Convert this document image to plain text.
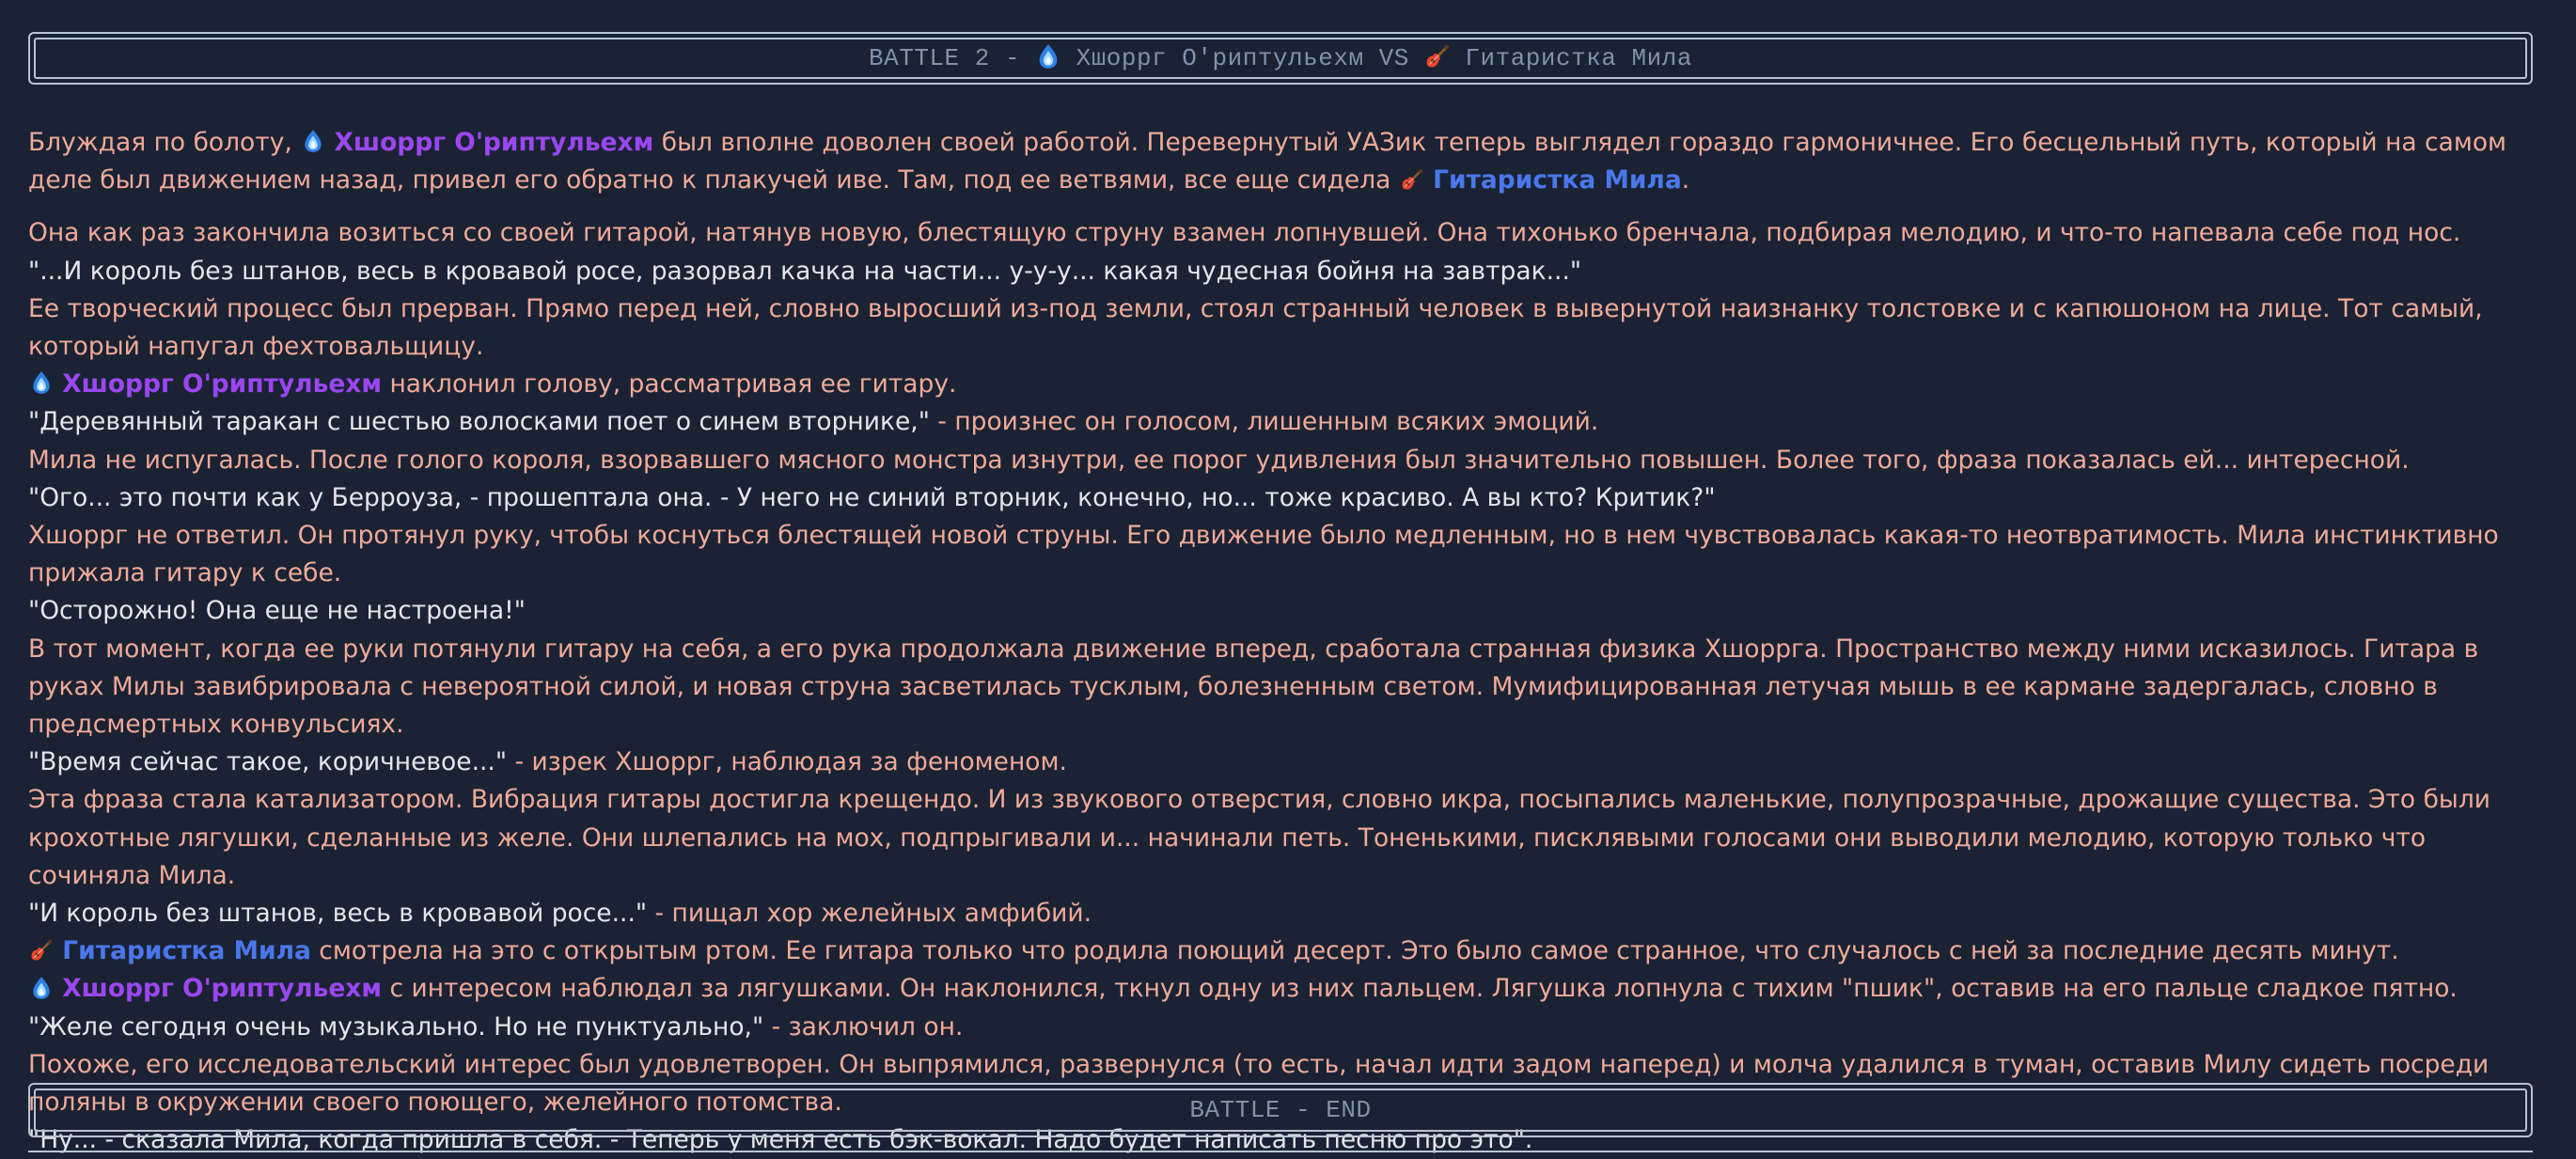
BATTLE 2 -

Хшоррг О'риптульехм
VS

Гитаристка Мила

Блуждая по болоту,  Хшоррг О'риптульехм был вполне доволен своей работой. Перевернутый УАЗик теперь выглядел гораздо гармоничнее. Его бесцельный путь, который на самом деле был движением назад, привел его обратно к плакучей иве. Там, под ее ветвями, все еще сидела  Гитаристка Мила.

Она как раз закончила возиться со своей гитарой, натянув новую, блестящую струну взамен лопнувшей. Она тихонько бренчала, подбирая мелодию, и что-то напевала себе под нос.

"...И король без штанов, весь в кровавой росе, разорвал качка на части... у-у-у... какая чудесная бойня на завтрак..."

Ее творческий процесс был прерван. Прямо перед ней, словно выросший из-под земли, стоял странный человек в вывернутой наизнанку толстовке и с капюшоном на лице. Тот самый, который напугал фехтовальщицу.

Хшоррг О'риптульехм наклонил голову, рассматривая ее гитару.

"Деревянный таракан с шестью волосками поет о синем вторнике," - произнес он голосом, лишенным всяких эмоций.

Мила не испугалась. После голого короля, взорвавшего мясного монстра изнутри, ее порог удивления был значительно повышен. Более того, фраза показалась ей... интересной.

"Ого... это почти как у Берроуза, - прошептала она. - У него не синий вторник, конечно, но... тоже красиво. А вы кто? Критик?"

Хшоррг не ответил. Он протянул руку, чтобы коснуться блестящей новой струны. Его движение было медленным, но в нем чувствовалась какая-то неотвратимость. Мила инстинктивно прижала гитару к себе.

"Осторожно! Она еще не настроена!"

В тот момент, когда ее руки потянули гитару на себя, а его рука продолжала движение вперед, сработала странная физика Хшоррга. Пространство между ними исказилось. Гитара в руках Милы завибрировала с невероятной силой, и новая струна засветилась тусклым, болезненным светом. Мумифицированная летучая мышь в ее кармане задергалась, словно в предсмертных конвульсиях.

"Время сейчас такое, коричневое..." - изрек Хшоррг, наблюдая за феноменом.

Эта фраза стала катализатором. Вибрация гитары достигла крещендо. И из звукового отверстия, словно икра, посыпались маленькие, полупрозрачные, дрожащие существа. Это были крохотные лягушки, сделанные из желе. Они шлепались на мох, подпрыгивали и... начинали петь. Тоненькими, писклявыми голосами они выводили мелодию, которую только что сочиняла Мила.

"И король без штанов, весь в кровавой росе..." - пищал хор желейных амфибий.

Гитаристка Мила смотрела на это с открытым ртом. Ее гитара только что родила поющий десерт. Это было самое странное, что случалось с ней за последние десять минут.

Хшоррг О'риптульехм с интересом наблюдал за лягушками. Он наклонился, ткнул одну из них пальцем. Лягушка лопнула с тихим "пшик", оставив на его пальце сладкое пятно.

"Желе сегодня очень музыкально. Но не пунктуально," - заключил он.

Похоже, его исследовательский интерес был удовлетворен. Он выпрямился, развернулся (то есть, начал идти задом наперед) и молча удалился в туман, оставив Милу сидеть посреди поляны в окружении своего поющего, желейного потомства.

"Ну... - сказала Мила, когда пришла в себя. - Теперь у меня есть бэк-вокал. Надо будет написать песню про это".

BATTLE - END
